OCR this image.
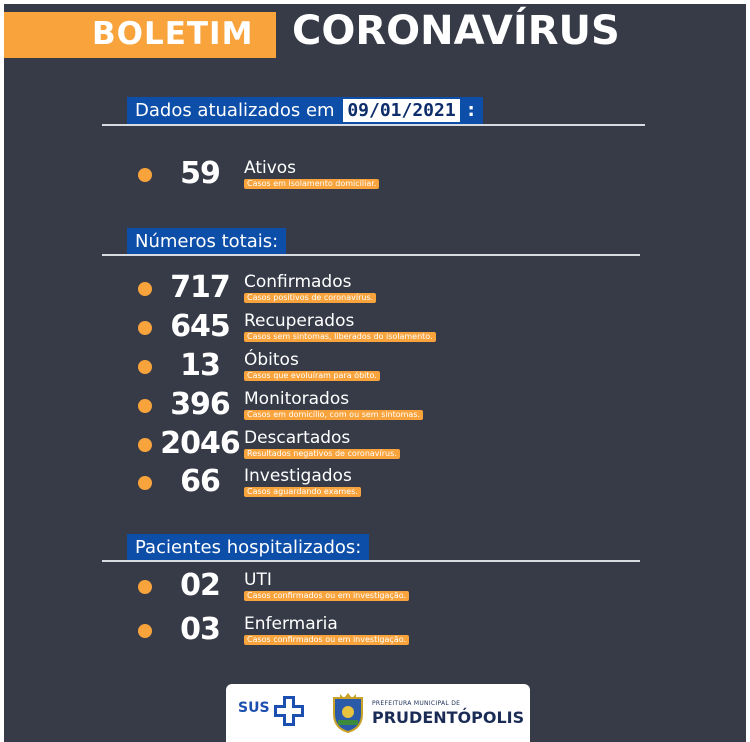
BOLETIM CORONAVÍRUS
Dados atualizados em 09/01/2021 :
59	Ativos
Casos em isolamento domiciliar.
Números totais:
717 Confirmados
Casos positivos de coronavírus.
645 Recuperados
Casos sem sintomas, liberados do isolamento.
13	Óbitos
Casos que evoluíram para óbito.
396 Monitorados
Casos em domicílio, com ou sem sintomas.
2046 Descartados
Resultados negativos de coronavírus.
66	Investigados
Casos aguardando exames.
Pacientes hospitalizados:
02	UTI
Casos confirmados ou em investigação.
03	Enfermaria
Casos confirmados ou em investigação.
SUS	PREFEITURA MUNICIPAL DE
PRUDENTÓPOLIS
